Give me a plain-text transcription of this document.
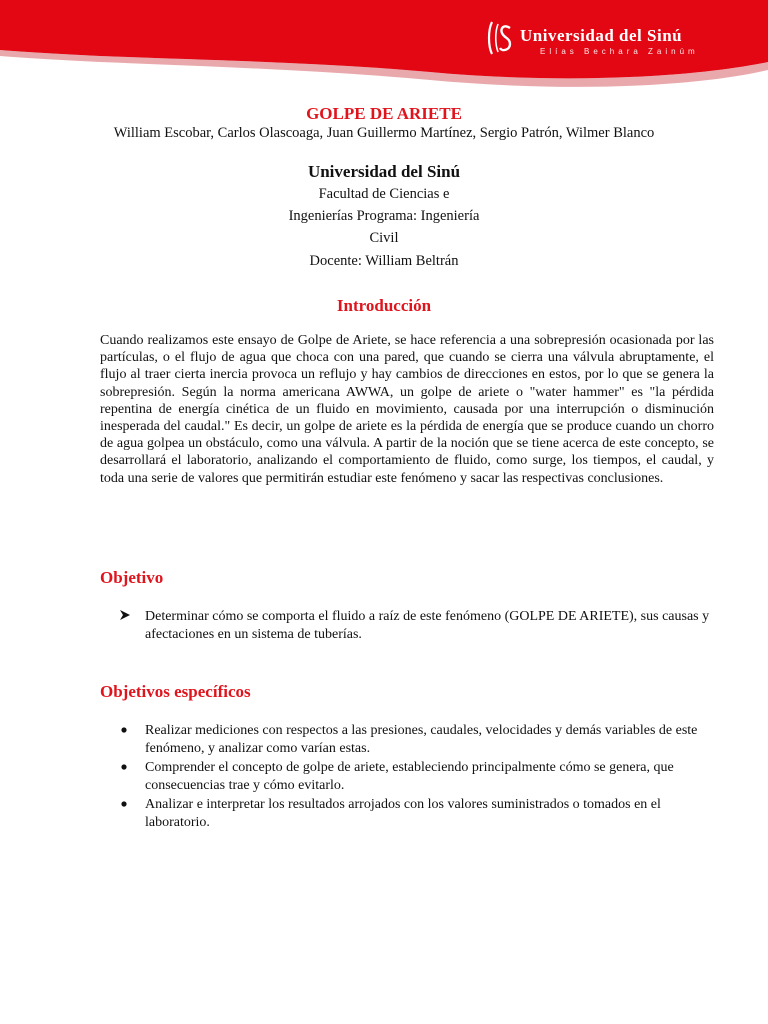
Universidad del Sinú
Elías Bechara Zainúm
GOLPE DE ARIETE
William Escobar, Carlos Olascoaga, Juan Guillermo Martínez, Sergio Patrón, Wilmer Blanco
Universidad del Sinú
Facultad de Ciencias e
Ingenierías Programa: Ingeniería
Civil
Docente: William Beltrán
Introducción

Cuando realizamos este ensayo de Golpe de Ariete, se hace referencia a una sobrepresión ocasionada por las partículas, o el flujo de agua que choca con una pared, que cuando se cierra una válvula abruptamente, el flujo al traer cierta inercia provoca un reflujo y hay cambios de direcciones en estos, por lo que se genera la sobrepresión. Según la norma americana AWWA, un golpe de ariete o "water hammer" es "la pérdida repentina de energía cinética de un fluido en movimiento, causada por una interrupción o disminución inesperada del caudal." Es decir, un golpe de ariete es la pérdida de energía que se produce cuando un chorro de agua golpea un obstáculo, como una válvula. A partir de la noción que se tiene acerca de este concepto, se desarrollará el laboratorio, analizando el comportamiento de fluido, como surge, los tiempos, el caudal, y toda una serie de valores que permitirán estudiar este fenómeno y sacar las respectivas conclusiones.

Objetivo
Determinar cómo se comporta el fluido a raíz de este fenómeno (GOLPE DE ARIETE), sus causas y afectaciones en un sistema de tuberías.
Objetivos específicos
Realizar mediciones con respectos a las presiones, caudales, velocidades y demás variables de este fenómeno, y analizar como varían estas.
Comprender el concepto de golpe de ariete, estableciendo principalmente cómo se genera, que consecuencias trae y cómo evitarlo.
Analizar e interpretar los resultados arrojados con los valores suministrados o tomados en el laboratorio.
